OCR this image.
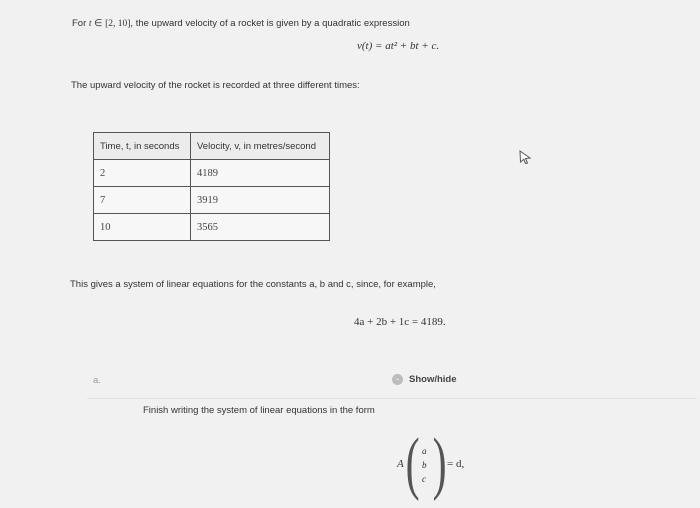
For t ∈ [2, 10], the upward velocity of a rocket is given by a quadratic expression
v(t) = at² + bt + c.
The upward velocity of the rocket is recorded at three different times:
Time, t, in seconds	Velocity, v, in metres/second
2	4189
7	3919
10	3565
This gives a system of linear equations for the constants a, b and c, since, for example,
4a + 2b + 1c = 4189.
a.	-	Show/hide
Finish writing the system of linear equations in the form
A ( a
b
c ) = d,
